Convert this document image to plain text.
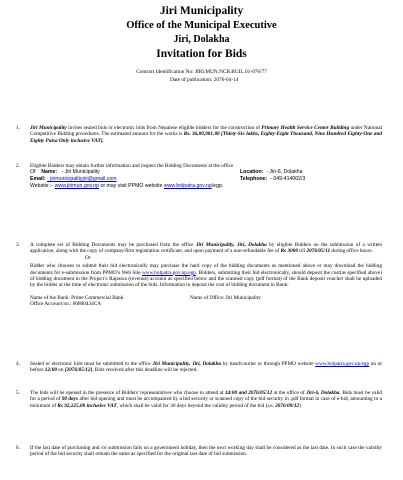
Jiri Municipality
Office of the Municipal Executive
Jiri, Dolakha
Invitation for Bids
Contract Identification No: JIRI.MUN.NCB.BUIL.01-076/77
Date of publication: 2076-04-14
1. Jiri Municipality invites sealed bids or electronic bids from Nepalese eligible bidders for the construction of Primary Health Service Center Building under National Competitive Bidding procedures. The estimated amount for the works is Rs. 36,80,981.80 [Thirty-Six lakhs, Eighty-Eight Thousand, Nine Hundred Eighty-One and Eighty Paisa Only inclusive VAT].
2. Eligible Bidders may obtain further information and inspect the Bidding Documents at the office
Of Name: - Jiri Municipality	Location: - Jiri-6, Dolakha
Email: - jirimunicipalityjiri@gmail.com	Telephone: - 049-414002/3
Website :- www.jirimun.gov.np or may visit PPMO website www.bolpatra.gov.np/egp.
3. A complete set of Bidding Documents may be purchased from the office Jiri Municipality, Jiri, Dolakha by eligible Bidders on the submission of a written application, along with the copy of company/firm registration certificate, and upon payment of a non-refundable fee of Rs 3000 till 2076/05/11 during office hours.
Or
Bidder who chooses to submit their bid electronically may purchase the hard copy of the bidding documents as mentioned above or may download the bidding documents for e-submission from PPMO’s Web Site www.bolpatra.gov.np/egp. Bidders, submitting their bid electronically, should deposit the cost(as specified above) of bidding document in the Project’s Rajaswa (revenue) account as specified below and the scanned copy (pdf format) of the Bank deposit voucher shall be uploaded by the bidder at the time of electronic submission of the bids. Information to deposit the cost of bidding document in Bank:
Name of the Bank: Prime Commercial Bank	Name of Office: Jiri Municipality
Office Account no.: 00800434CA
4. Sealed or electronic bids must be submitted to the office Jiri Municipality, Jiri, Dolakha by hand/courier or through PPMO website www.bolpatra.gov.np/egp on or before 12:00 on [2076/05/12]. Bids received after this deadline will be rejected.
5. The bids will be opened in the presence of Bidders' representatives who choose to attend at 14:00 and 2076/05/12 at the office of Jiri-6, Dolakha. Bids must be valid for a period of 90 days after bid opening and must be accompanied by a bid security or scanned copy of the bid security in .pdf format in case of e-bid, amounting to a minimum of Rs 92,225.00 inclusive VAT, which shall be valid for 30 days beyond the validity period of the bid (i.e. 2076/09/12)
6. If the last date of purchasing and /or submission falls on a government holiday, then the next working day shall be considered as the last date. In such case the validity period of the bid security shall remain the same as specified for the original last date of bid submission.
